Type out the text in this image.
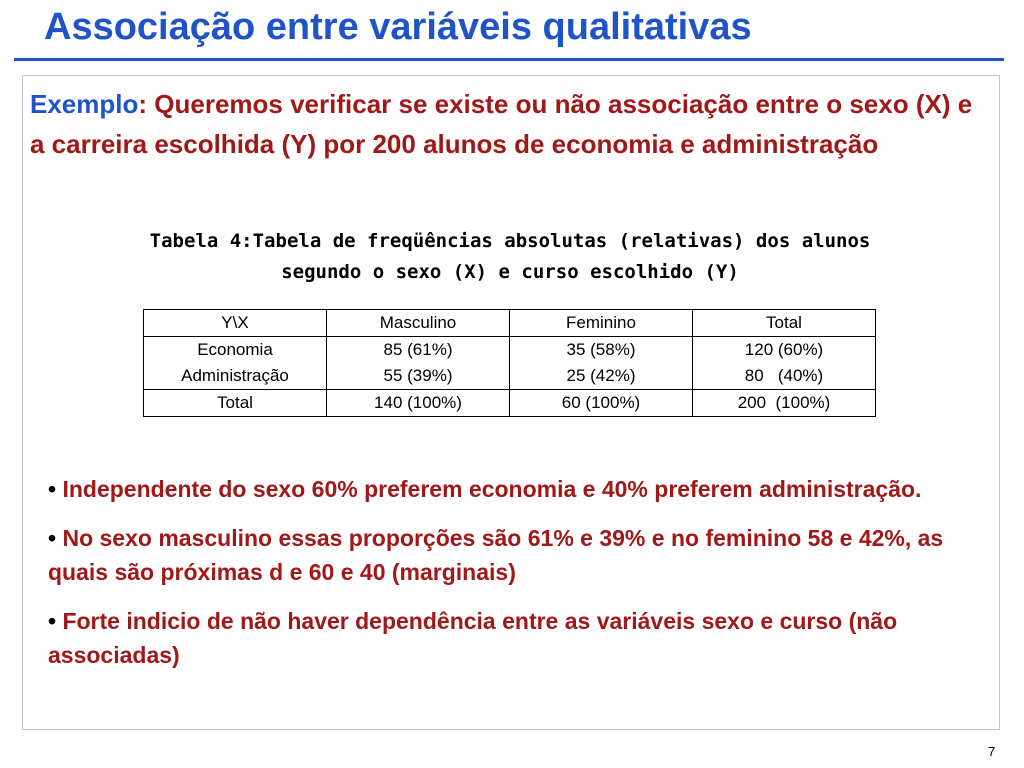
Associação entre variáveis qualitativas
Exemplo: Queremos verificar se existe ou não associação entre o sexo (X) e a carreira escolhida (Y) por 200 alunos de economia e administração
Tabela 4:Tabela de freqüências absolutas (relativas) dos alunos
segundo o sexo (X) e curso escolhido (Y)
Y\X	Masculino	Feminino	Total
Economia	85 (61%)	35 (58%)	120 (60%)
Administração	55 (39%)	25 (42%)	80   (40%)
Total	140 (100%)	60 (100%)	200  (100%)
• Independente do sexo 60% preferem economia e 40% preferem administração.
• No sexo masculino essas proporções são 61% e 39% e no feminino 58 e 42%, as quais são próximas d e 60 e 40 (marginais)
• Forte indicio de não haver dependência entre as variáveis sexo e curso (não associadas)
7
